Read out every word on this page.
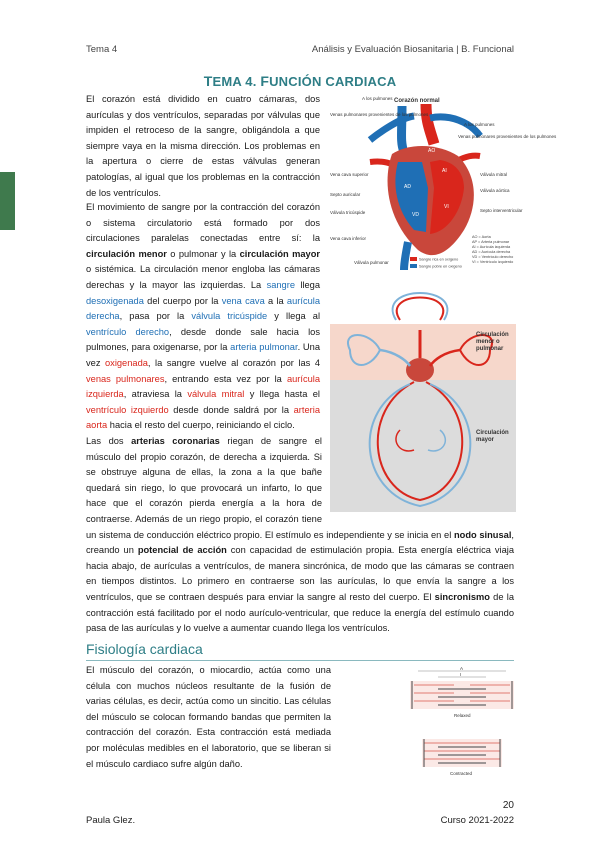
Tema 4	Análisis y Evaluación Biosanitaria | B. Funcional
TEMA 4. FUNCIÓN CARDIACA
El corazón está dividido en cuatro cámaras, dos aurículas y dos ventrículos, separadas por válvulas que impiden el retroceso de la sangre, obligándola a que siempre vaya en la misma dirección. Los problemas en la apertura o cierre de estas válvulas generan patologías, al igual que los problemas en la contracción de los ventrículos.
El movimiento de sangre por la contracción del corazón o sistema circulatorio está formado por dos circulaciones paralelas conectadas entre sí: la circulación menor o pulmonar y la circulación mayor o sistémica. La circulación menor engloba las cámaras derechas y la mayor las izquierdas. La sangre llega desoxigenada del cuerpo por la vena cava a la aurícula derecha, pasa por la válvula tricúspide y llega al ventrículo derecho, desde donde sale hacia los pulmones, para oxigenarse, por la arteria pulmonar. Una vez oxigenada, la sangre vuelve al corazón por las 4 venas pulmonares, entrando esta vez por la aurícula izquierda, atraviesa la válvula mitral y llega hasta el ventrículo izquierdo desde donde saldrá por la arteria aorta hacia el resto del cuerpo, reiniciando el ciclo.
Las dos arterias coronarias riegan de sangre el músculo del propio corazón, de derecha a izquierda. Si se obstruye alguna de ellas, la zona a la que bañe quedará sin riego, lo que provocará un infarto, lo que hace que el corazón pierda energía a la hora de contraerse. Además de un riego propio, el corazón tiene un sistema de conducción eléctrico propio. El estímulo es independiente y se inicia en el nodo sinusal, creando un potencial de acción con capacidad de estimulación propia. Esta energía eléctrica viaja hacia abajo, de aurículas a ventrículos, de manera sincrónica, de modo que las cámaras se contraen en tiempos distintos. Lo primero en contraerse son las aurículas, lo que envía la sangre a los ventrículos, que se contraen después para enviar la sangre al resto del cuerpo. El sincronismo de la contracción está facilitado por el nodo aurículo-ventricular, que reduce la energía del estímulo cuando pasa de las aurículas y lo vuelve a aumentar cuando llega los ventrículos.
Corazón normal
AP
AO
AI
AD
VD
VI
A los pulmones
Venas pulmonares provenientes de los pulmones
Vena cava superior
Septo auricular
Válvula tricúspide
Vena cava inferior
Válvula pulmonar
A los pulmones
Venas pulmonares provenientes de los pulmones
Válvula mitral
Válvula aórtica
Septo interventricular
Sangre rica en oxígeno
Sangre pobre en oxígeno
AO = Aorta
AP = Arteria pulmonar
AI = Aurícula izquierda
AD = Aurícula derecha
VD = Ventrículo derecho
VI = Ventrículo izquierdo
Circulación menor o pulmonar
Circulación mayor
Fisiología cardiaca
El músculo del corazón, o miocardio, actúa como una célula con muchos núcleos resultante de la fusión de varias células, es decir, actúa como un sincitio. Las células del músculo se colocan formando bandas que permiten la contracción del corazón. Esta contracción está mediada por moléculas medibles en el laboratorio, que se liberan si el músculo cardiaco sufre algún daño.
A
I
Relaxed
Contracted
20
Paula Glez.	Curso 2021-2022
